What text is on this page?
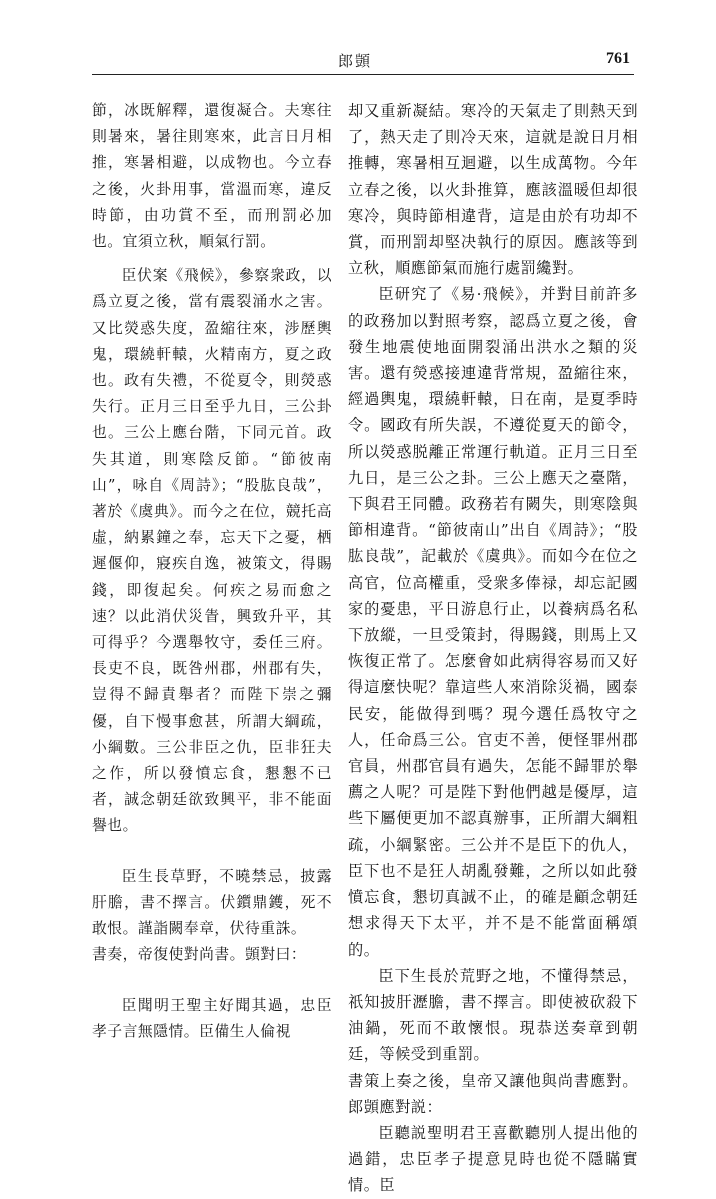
郎顗	761

節，冰既解釋，還復凝合。夫寒往則暑來，暑往則寒來，此言日月相推，寒暑相避，以成物也。今立春之後，火卦用事，當溫而寒，違反時節，由功賞不至，而刑罰必加也。宜須立秋，順氣行罰。

臣伏案《飛候》，參察衆政，以爲立夏之後，當有震裂涌水之害。又比熒惑失度，盈縮往來，涉歷輿鬼，環繞軒轅，火精南方，夏之政也。政有失禮，不從夏令，則熒惑失行。正月三日至乎九日，三公卦也。三公上應台階，下同元首。政失其道，則寒陰反節。“節彼南山”，咏自《周詩》；“股肱良哉”，著於《虞典》。而今之在位，競托高虛，納累鐘之奉，忘天下之憂，栖遲偃仰，寢疾自逸，被策文，得賜錢，即復起矣。何疾之易而愈之速？以此消伏災眚，興致升平，其可得乎？今選舉牧守，委任三府。長吏不良，既咎州郡，州郡有失，豈得不歸責舉者？而陛下崇之彌優，自下慢事愈甚，所謂大綱疏，小綱數。三公非臣之仇，臣非狂夫之作，所以發憤忘食，懇懇不已者，誠念朝廷欲致興平，非不能面譽也。

臣生長草野，不曉禁忌，披露肝膽，書不擇言。伏鑕鼎鑊，死不敢恨。謹詣闕奉章，伏待重誅。

書奏，帝復使對尚書。顗對曰：

臣聞明王聖主好聞其過，忠臣孝子言無隱情。臣備生人倫視

却又重新凝結。寒冷的天氣走了則熱天到了，熱天走了則冷天來，這就是說日月相推轉，寒暑相互迴避，以生成萬物。今年立春之後，以火卦推算，應該溫暖但却很寒冷，與時節相違背，這是由於有功却不賞，而刑罰却堅决執行的原因。應該等到立秋，順應節氣而施行處罰纔對。

臣研究了《易·飛候》，并對目前許多的政務加以對照考察，認爲立夏之後，會發生地震使地面開裂涌出洪水之類的災害。還有熒惑接連違背常規，盈縮往來，經過輿鬼，環繞軒轅，日在南，是夏季時令。國政有所失誤，不遵從夏天的節令，所以熒惑脱離正常運行軌道。正月三日至九日，是三公之卦。三公上應天之臺階，下與君王同體。政務若有闕失，則寒陰與節相違背。“節彼南山”出自《周詩》；“股肱良哉”，記載於《虞典》。而如今在位之高官，位高權重，受衆多俸禄，却忘記國家的憂患，平日游息行止，以養病爲名私下放縱，一旦受策封，得賜錢，則馬上又恢復正常了。怎麼會如此病得容易而又好得這麼快呢？靠這些人來消除災禍，國泰民安，能做得到嗎？現今選任爲牧守之人，任命爲三公。官吏不善，便怪罪州郡官員，州郡官員有過失，怎能不歸罪於舉薦之人呢？可是陛下對他們越是優厚，這些下屬便更加不認真辦事，正所謂大綱粗疏，小綱緊密。三公并不是臣下的仇人，臣下也不是狂人胡亂發難，之所以如此發憤忘食，懇切真誠不止，的確是顧念朝廷想求得天下太平，并不是不能當面稱頌的。

臣下生長於荒野之地，不懂得禁忌，祇知披肝瀝膽，書不擇言。即使被砍殺下油鍋，死而不敢懷恨。現恭送奏章到朝廷，等候受到重罰。

書策上奏之後，皇帝又讓他與尚書應對。郎顗應對説：

臣聽説聖明君王喜歡聽別人提出他的過錯，忠臣孝子提意見時也從不隱瞞實情。臣
